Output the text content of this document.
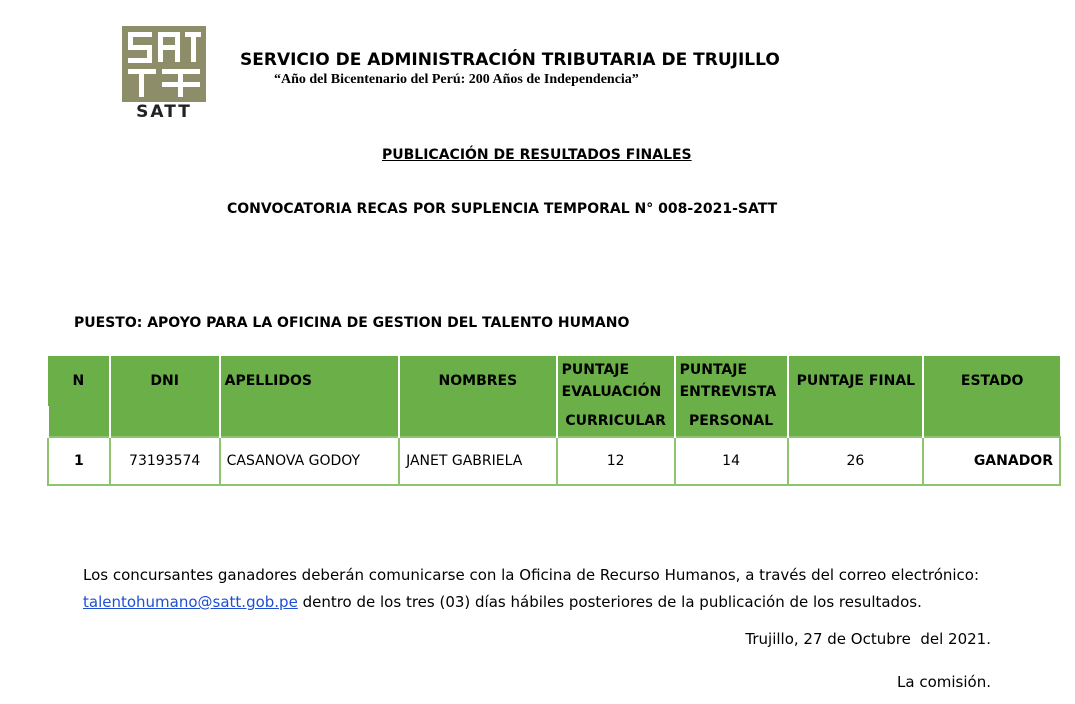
SATT
SERVICIO DE ADMINISTRACIÓN TRIBUTARIA DE TRUJILLO
“Año del Bicentenario del Perú: 200 Años de Independencia”
PUBLICACIÓN DE RESULTADOS FINALES
CONVOCATORIA RECAS POR SUPLENCIA TEMPORAL N° 008-2021-SATT
PUESTO: APOYO PARA LA OFICINA DE GESTION DEL TALENTO HUMANO
N	DNI	APELLIDOS	NOMBRES	PUNTAJE EVALUACIÓN	PUNTAJE ENTREVISTA	PUNTAJE FINAL	ESTADO
				CURRICULAR	PERSONAL		
1	73193574	CASANOVA GODOY	JANET GABRIELA	12	14	26	GANADOR
Los concursantes ganadores deberán comunicarse con la Oficina de Recurso Humanos, a través del correo electrónico:
talentohumano@satt.gob.pe dentro de los tres (03) días hábiles posteriores de la publicación de los resultados.
Trujillo, 27 de Octubre  del 2021.
La comisión.
